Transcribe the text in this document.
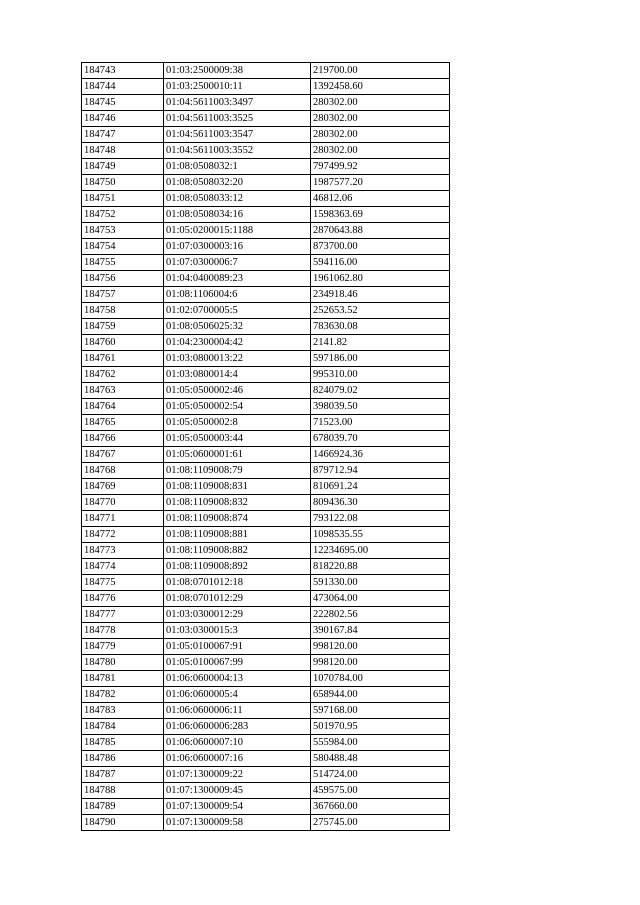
184743	01:03:2500009:38	219700.00
184744	01:03:2500010:11	1392458.60
184745	01:04:5611003:3497	280302.00
184746	01:04:5611003:3525	280302.00
184747	01:04:5611003:3547	280302.00
184748	01:04:5611003:3552	280302.00
184749	01:08:0508032:1	797499.92
184750	01:08:0508032:20	1987577.20
184751	01:08:0508033:12	46812.06
184752	01:08:0508034:16	1598363.69
184753	01:05:0200015:1188	2870643.88
184754	01:07:0300003:16	873700.00
184755	01:07:0300006:7	594116.00
184756	01:04:0400089:23	1961062.80
184757	01:08:1106004:6	234918.46
184758	01:02:0700005:5	252653.52
184759	01:08:0506025:32	783630.08
184760	01:04:2300004:42	2141.82
184761	01:03:0800013:22	597186.00
184762	01:03:0800014:4	995310.00
184763	01:05:0500002:46	824079.02
184764	01:05:0500002:54	398039.50
184765	01:05:0500002:8	71523.00
184766	01:05:0500003:44	678039.70
184767	01:05:0600001:61	1466924.36
184768	01:08:1109008:79	879712.94
184769	01:08:1109008:831	810691.24
184770	01:08:1109008:832	809436.30
184771	01:08:1109008:874	793122.08
184772	01:08:1109008:881	1098535.55
184773	01:08:1109008:882	12234695.00
184774	01:08:1109008:892	818220.88
184775	01:08:0701012:18	591330.00
184776	01:08:0701012:29	473064.00
184777	01:03:0300012:29	222802.56
184778	01:03:0300015:3	390167.84
184779	01:05:0100067:91	998120.00
184780	01:05:0100067:99	998120.00
184781	01:06:0600004:13	1070784.00
184782	01:06:0600005:4	658944.00
184783	01:06:0600006:11	597168.00
184784	01:06:0600006:283	501970.95
184785	01:06:0600007:10	555984.00
184786	01:06:0600007:16	580488.48
184787	01:07:1300009:22	514724.00
184788	01:07:1300009:45	459575.00
184789	01:07:1300009:54	367660.00
184790	01:07:1300009:58	275745.00
